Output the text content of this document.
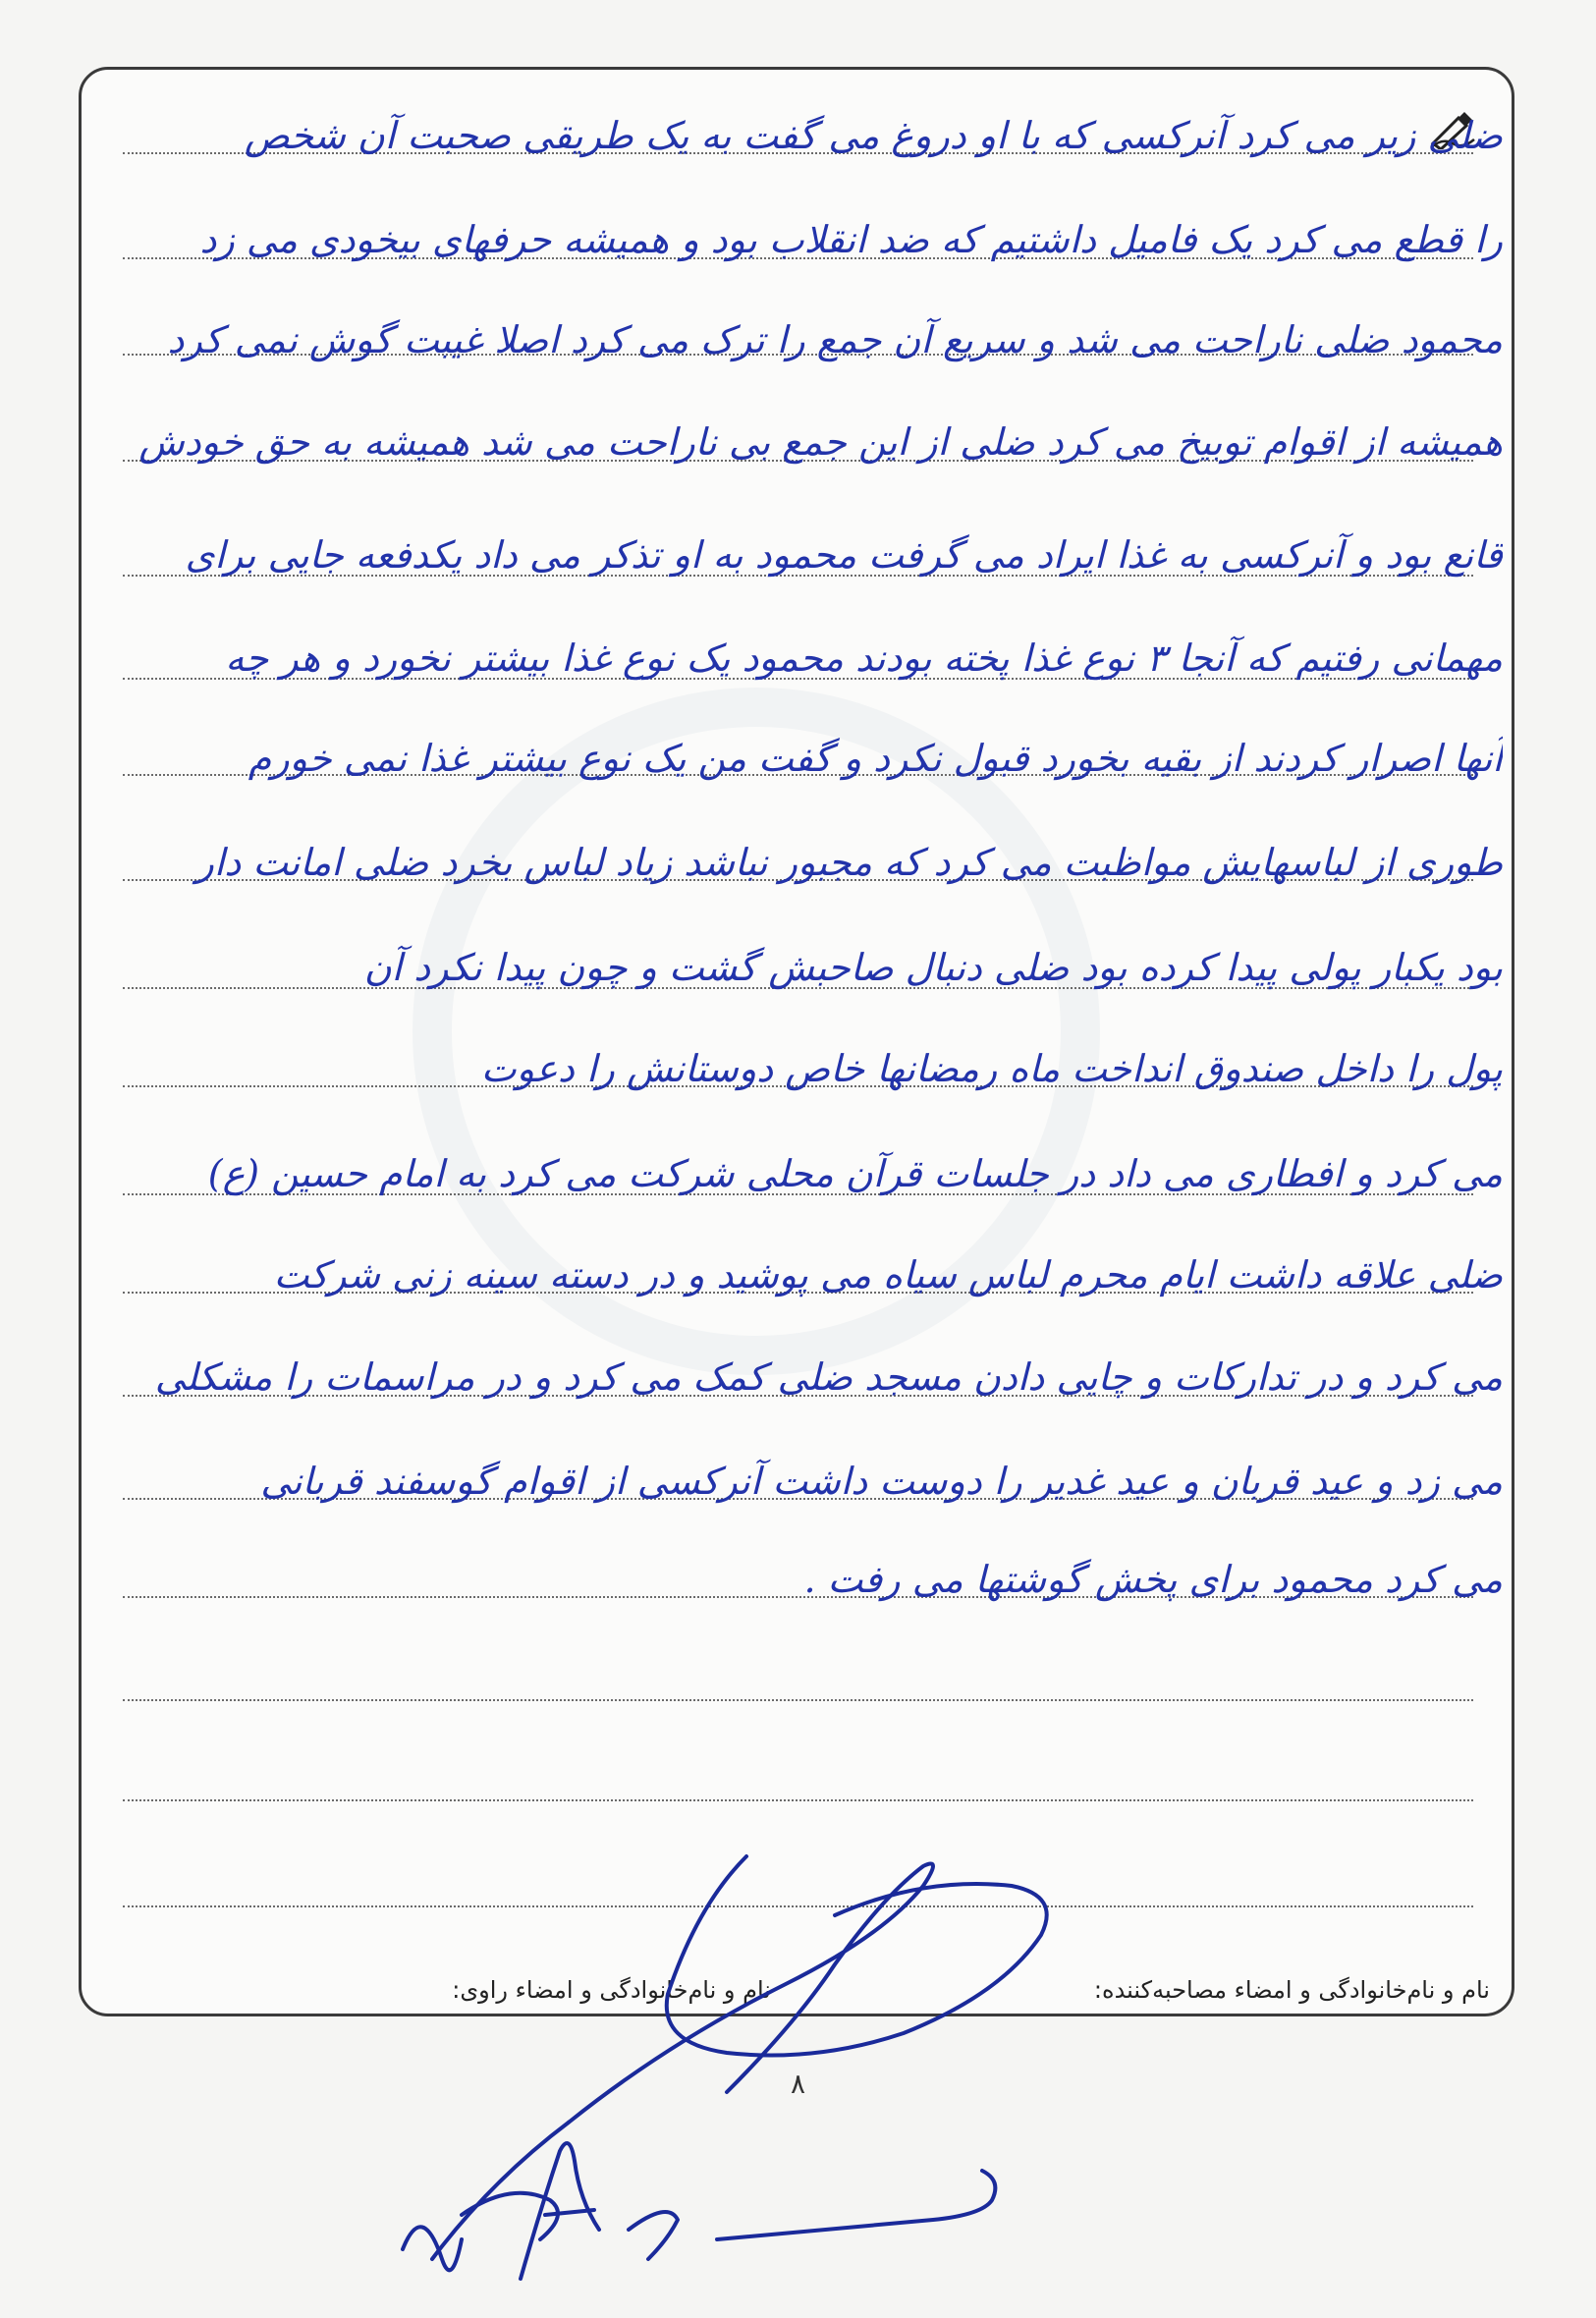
ضلی زیر می کرد آنرکسی که با او دروغ می گفت به یک طریقی صحبت آن شخص
را قطع می کرد یک فامیل داشتیم که ضد انقلاب بود و همیشه حرفهای بیخودی می زد
محمود ضلی ناراحت می شد و سریع آن جمع را ترک می کرد اصلا غیبت گوش نمی کرد
همیشه از اقوام توبیخ می کرد ضلی از این جمع بی ناراحت می شد همیشه به حق خودش
قانع بود و آنرکسی به غذا ایراد می گرفت محمود به او تذکر می داد یکدفعه جایی برای
مهمانی رفتیم که آنجا ۳ نوع غذا پخته بودند محمود یک نوع غذا بیشتر نخورد و هر چه
آنها اصرار کردند از بقیه بخورد قبول نکرد و گفت من یک نوع بیشتر غذا نمی خورم
طوری از لباسهایش مواظبت می کرد که مجبور نباشد زیاد لباس بخرد ضلی امانت دار
بود یکبار پولی پیدا کرده بود ضلی دنبال صاحبش گشت و چون پیدا نکرد آن
پول را داخل صندوق انداخت ماه رمضانها خاص دوستانش را دعوت
می کرد و افطاری می داد در جلسات قرآن محلی شرکت می کرد به امام حسین (ع)
ضلی علاقه داشت ایام محرم لباس سیاه می پوشید و در دسته سینه زنی شرکت
می کرد و در تدارکات و چایی دادن مسجد ضلی کمک می کرد و در مراسمات را مشکلی
می زد و عید قربان و عید غدیر را دوست داشت آنرکسی از اقوام گوسفند قربانی
می کرد محمود برای پخش گوشتها می رفت .
نام و نام‌خانوادگی و امضاء مصاحبه‌کننده:
نام و نام‌خانوادگی و امضاء راوی:
۸
